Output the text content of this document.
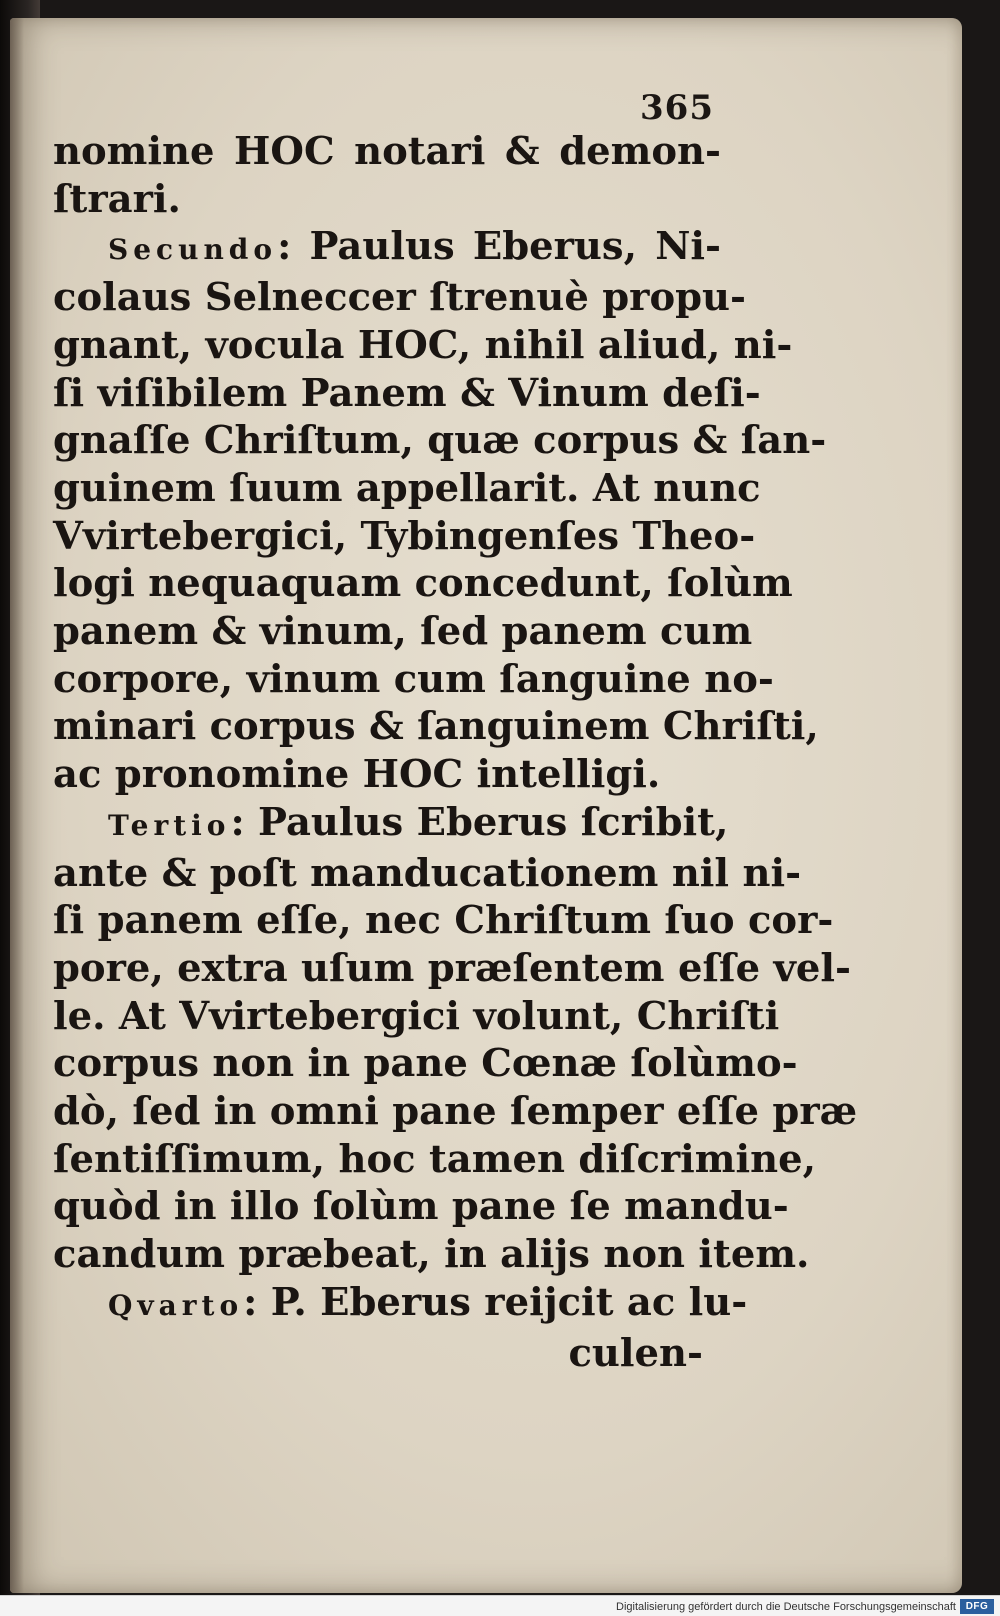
365
nomine HOC notari & demon-
ſtrari.
Secundo: Paulus Eberus, Ni-
colaus Selneccer ſtrenuè propu-
gnant, vocula HOC, nihil aliud, ni-
ſi viſibilem Panem & Vinum deſi-
gnaſſe Chriſtum, quæ corpus & ſan-
guinem ſuum appellarit. At nunc
Vvirtebergici, Tybingenſes Theo-
logi nequaquam concedunt, ſolùm
panem & vinum, ſed panem cum
corpore, vinum cum ſanguine no-
minari corpus & ſanguinem Chriſti,
ac pronomine HOC intelligi.
Tertio: Paulus Eberus ſcribit,
ante & poſt manducationem nil ni-
ſi panem eſſe, nec Chriſtum ſuo cor-
pore, extra uſum præſentem eſſe vel-
le. At Vvirtebergici volunt, Chriſti
corpus non in pane Cœnæ ſolùmo-
dò, ſed in omni pane ſemper eſſe præ
ſentiſſimum, hoc tamen diſcrimine,
quòd in illo ſolùm pane ſe mandu-
candum præbeat, in alijs non item.
Qvarto: P. Eberus reijcit ac lu-
culen-
Digitalisierung gefördert durch die Deutsche Forschungsgemeinschaft DFG
